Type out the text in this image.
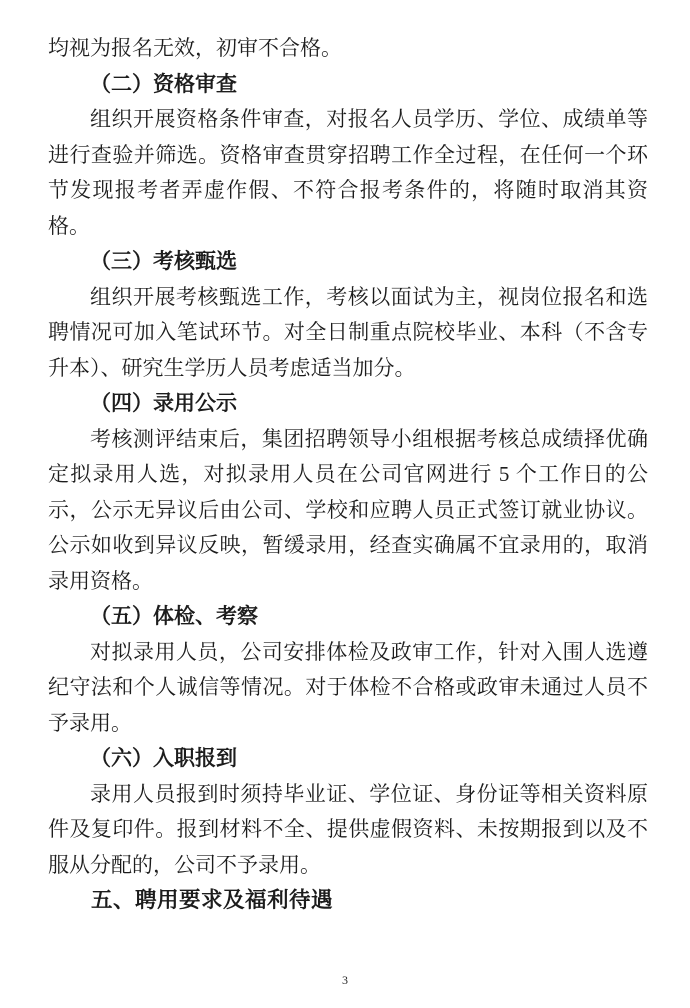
均视为报名无效，初审不合格。

（二）资格审查

组织开展资格条件审查，对报名人员学历、学位、成绩单等进行查验并筛选。资格审查贯穿招聘工作全过程，在任何一个环节发现报考者弄虚作假、不符合报考条件的，将随时取消其资格。

（三）考核甄选

组织开展考核甄选工作，考核以面试为主，视岗位报名和选聘情况可加入笔试环节。对全日制重点院校毕业、本科（不含专升本）、研究生学历人员考虑适当加分。

（四）录用公示

考核测评结束后，集团招聘领导小组根据考核总成绩择优确定拟录用人选，对拟录用人员在公司官网进行 5 个工作日的公示，公示无异议后由公司、学校和应聘人员正式签订就业协议。公示如收到异议反映，暂缓录用，经查实确属不宜录用的，取消录用资格。

（五）体检、考察

对拟录用人员，公司安排体检及政审工作，针对入围人选遵纪守法和个人诚信等情况。对于体检不合格或政审未通过人员不予录用。

（六）入职报到

录用人员报到时须持毕业证、学位证、身份证等相关资料原件及复印件。报到材料不全、提供虚假资料、未按期报到以及不服从分配的，公司不予录用。

五、聘用要求及福利待遇

3
